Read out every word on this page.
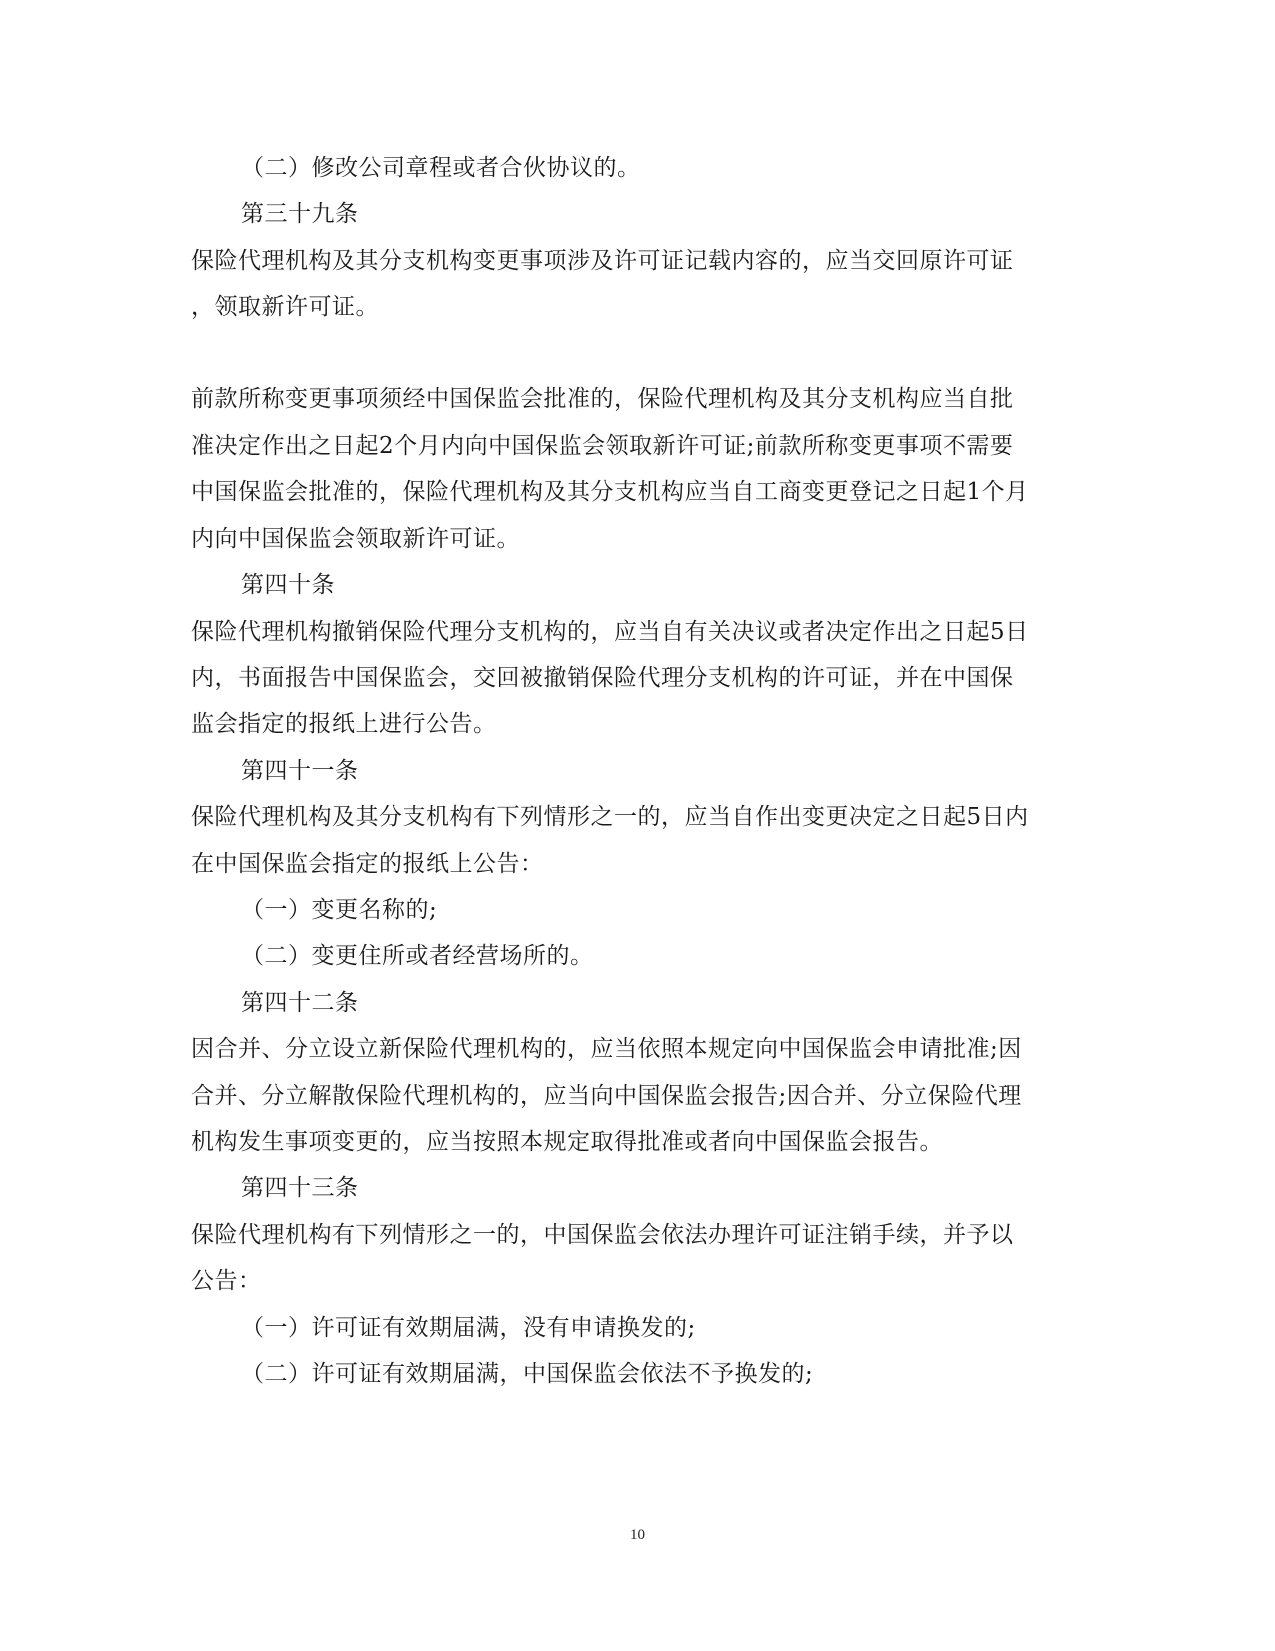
（二）修改公司章程或者合伙协议的。
第三十九条
保险代理机构及其分支机构变更事项涉及许可证记载内容的，应当交回原许可证
，领取新许可证。
前款所称变更事项须经中国保监会批准的，保险代理机构及其分支机构应当自批
准决定作出之日起2个月内向中国保监会领取新许可证;前款所称变更事项不需要
中国保监会批准的，保险代理机构及其分支机构应当自工商变更登记之日起1个月
内向中国保监会领取新许可证。
第四十条
保险代理机构撤销保险代理分支机构的，应当自有关决议或者决定作出之日起5日
内，书面报告中国保监会，交回被撤销保险代理分支机构的许可证，并在中国保
监会指定的报纸上进行公告。
第四十一条
保险代理机构及其分支机构有下列情形之一的，应当自作出变更决定之日起5日内
在中国保监会指定的报纸上公告：
（一）变更名称的;
（二）变更住所或者经营场所的。
第四十二条
因合并、分立设立新保险代理机构的，应当依照本规定向中国保监会申请批准;因
合并、分立解散保险代理机构的，应当向中国保监会报告;因合并、分立保险代理
机构发生事项变更的，应当按照本规定取得批准或者向中国保监会报告。
第四十三条
保险代理机构有下列情形之一的，中国保监会依法办理许可证注销手续，并予以
公告：
（一）许可证有效期届满，没有申请换发的;
（二）许可证有效期届满，中国保监会依法不予换发的;
10
